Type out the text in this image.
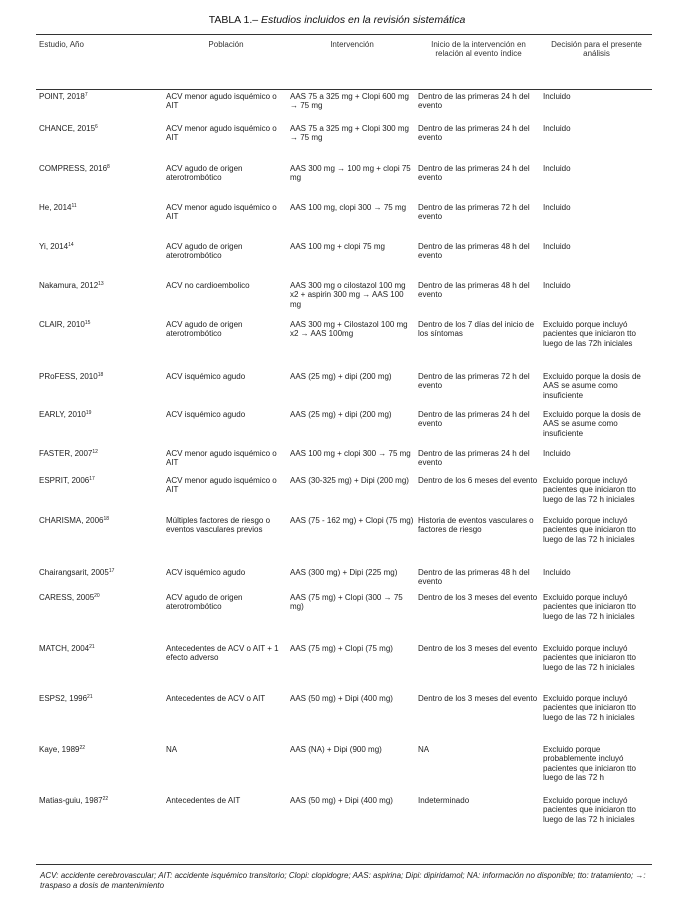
TABLA 1.– Estudios incluidos en la revisión sistemática
Estudio, Año	Población	Intervención	Inicio de la intervención en relación al evento índice	Decisión para el presente análisis
POINT, 2018$^7$	ACV menor agudo isquémico o AIT	AAS 75 a 325 mg + Clopi 600 mg → 75 mg	Dentro de las primeras 24 h del evento	Incluido
CHANCE, 2015$^6$	ACV menor agudo isquémico o AIT	AAS 75 a 325 mg + Clopi 300 mg → 75 mg	Dentro de las primeras 24 h del evento	Incluido
COMPRESS, 2016$^8$	ACV agudo de origen aterotrombótico	AAS 300 mg → 100 mg + clopi 75 mg	Dentro de las primeras 24 h del evento	Incluido
He, 2014$^{11}$	ACV menor agudo isquémico o AIT	AAS 100 mg, clopi 300 → 75 mg	Dentro de las primeras 72 h del evento	Incluido
Yi, 2014$^{14}$	ACV agudo de origen aterotrombótico	AAS 100 mg + clopi 75 mg	Dentro de las primeras 48 h del evento	Incluido
Nakamura, 2012$^{13}$	ACV no cardioembolico	AAS 300 mg o cilostazol 100 mg x2 + aspirin 300 mg → AAS 100 mg	Dentro de las primeras 48 h del evento	Incluido
CLAIR, 2010$^{15}$	ACV agudo de origen aterotrombótico	AAS 300 mg + Cilostazol 100 mg x2 → AAS 100mg	Dentro de los 7 días del inicio de los síntomas	Excluido porque incluyó pacientes que iniciaron tto luego de las 72h iniciales
PRoFESS, 2010$^{18}$	ACV isquémico agudo	AAS (25 mg) + dipi (200 mg)	Dentro de las primeras 72 h del evento	Excluido porque la dosis de AAS se asume como insuficiente
EARLY, 2010$^{19}$	ACV isquémico agudo	AAS (25 mg) + dipi (200 mg)	Dentro de las primeras 24 h del evento	Excluido porque la dosis de AAS se asume como insuficiente
FASTER, 2007$^{12}$	ACV menor agudo isquémico o AIT	AAS 100 mg + clopi 300 → 75 mg	Dentro de las primeras 24 h del evento	Incluido
ESPRIT, 2006$^{17}$	ACV menor agudo isquémico o AIT	AAS (30-325 mg) + Dipi (200 mg)	Dentro de los 6 meses del evento	Excluido porque incluyó pacientes que iniciaron tto luego de las 72 h iniciales
CHARISMA, 2006$^{18}$	Múltiples factores de riesgo o eventos vasculares previos	AAS (75 - 162 mg) + Clopi (75 mg)	Historia de eventos vasculares o factores de riesgo	Excluido porque incluyó pacientes que iniciaron tto luego de las 72 h iniciales
Chairangsarit, 2005$^{17}$	ACV isquémico agudo	AAS (300 mg) + Dipi (225 mg)	Dentro de las primeras 48 h del evento	Incluido
CARESS, 2005$^{20}$	ACV agudo de origen aterotrombótico	AAS (75 mg) + Clopi (300 → 75 mg)	Dentro de los 3 meses del evento	Excluido porque incluyó pacientes que iniciaron tto luego de las 72 h iniciales
MATCH, 2004$^{21}$	Antecedentes de ACV o AIT + 1 efecto adverso	AAS (75 mg) + Clopi (75 mg)	Dentro de los 3 meses del evento	Excluido porque incluyó pacientes que iniciaron tto luego de las 72 h iniciales
ESPS2, 1996$^{21}$	Antecedentes de ACV o AIT	AAS (50 mg) + Dipi (400 mg)	Dentro de los 3 meses del evento	Excluido porque incluyó pacientes que iniciaron tto luego de las 72 h iniciales
Kaye, 1989$^{22}$	NA	AAS (NA) + Dipi (900 mg)	NA	Excluido porque probablemente incluyó pacientes que iniciaron tto luego de las 72 h
Matias-guiu, 1987$^{22}$	Antecedentes de AIT	AAS (50 mg) + Dipi (400 mg)	Indeterminado	Excluido porque incluyó pacientes que iniciaron tto luego de las 72 h iniciales
ACV: accidente cerebrovascular; AIT: accidente isquémico transitorio; Clopi: clopidogre; AAS: aspirina; Dipi: dipiridamol; NA: información no disponible; tto: tratamiento; →: traspaso a dosis de mantenimiento
